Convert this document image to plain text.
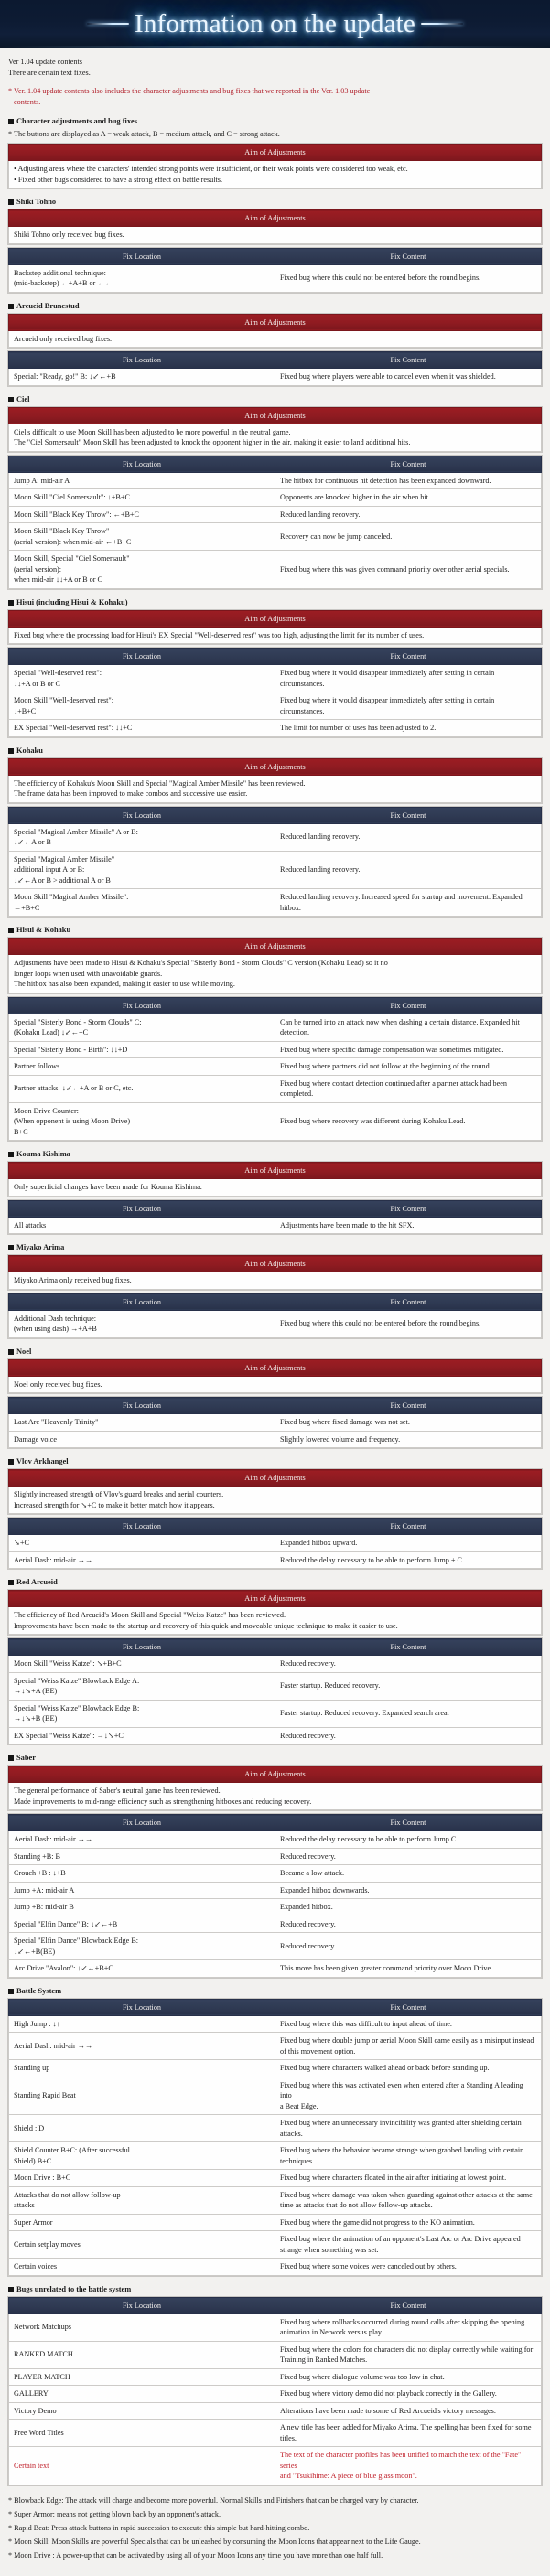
Information on the update
Ver 1.04 update contents
There are certain text fixes.
* Ver. 1.04 update contents also includes the character adjustments and bug fixes that we reported in the Ver. 1.03 update
contents.
Character adjustments and bug fixes
* The buttons are displayed as A = weak attack, B = medium attack, and C = strong attack.
Aim of Adjustments

• Adjusting areas where the characters' intended strong points were insufficient, or their weak points were considered too weak, etc.
• Fixed other bugs considered to have a strong effect on battle results.
Shiki Tohno
Aim of Adjustments
Shiki Tohno only received bug fixes.
Fix Location	Fix Content

Backstep additional technique:
(mid-backstep) ←+A+B or ←←	Fixed bug where this could not be entered before the round begins.
Arcueid Brunestud
Aim of Adjustments
Arcueid only received bug fixes.
Fix Location	Fix Content

Special: "Ready, go!" B: ↓↙←+B	Fixed bug where players were able to cancel even when it was shielded.
Ciel
Aim of Adjustments

Ciel's difficult to use Moon Skill has been adjusted to be more powerful in the neutral game.
The "Ciel Somersault" Moon Skill has been adjusted to knock the opponent higher in the air, making it easier to land additional hits.
Fix Location	Fix Content

Jump A: mid-air A	The hitbox for continuous hit detection has been expanded downward.

Moon Skill "Ciel Somersault": ↓+B+C	Opponents are knocked higher in the air when hit.

Moon Skill "Black Key Throw": ←+B+C	Reduced landing recovery.

Moon Skill "Black Key Throw"
(aerial version): when mid-air ←+B+C	Recovery can now be jump canceled.

Moon Skill, Special "Ciel Somersault"
(aerial version):
when mid-air ↓↓+A or B or C	Fixed bug where this was given command priority over other aerial specials.
Hisui (including Hisui & Kohaku)
Aim of Adjustments
Fixed bug where the processing load for Hisui's EX Special "Well-deserved rest" was too high, adjusting the limit for its number of uses.
Fix Location	Fix Content

Special "Well-deserved rest":
↓↓+A or B or C	Fixed bug where it would disappear immediately after setting in certain
circumstances.

Moon Skill "Well-deserved rest":
↓+B+C	Fixed bug where it would disappear immediately after setting in certain
circumstances.

EX Special "Well-deserved rest": ↓↓+C	The limit for number of uses has been adjusted to 2.
Kohaku
Aim of Adjustments

The efficiency of Kohaku's Moon Skill and Special "Magical Amber Missile" has been reviewed.
The frame data has been improved to make combos and successive use easier.
Fix Location	Fix Content

Special "Magical Amber Missile" A or B:
↓↙←A or B	Reduced landing recovery.

Special "Magical Amber Missile"
additional input A or B:
↓↙←A or B > additional A or B	Reduced landing recovery.

Moon Skill "Magical Amber Missile":
←+B+C	Reduced landing recovery. Increased speed for startup and movement. Expanded
hitbox.
Hisui & Kohaku
Aim of Adjustments

Adjustments have been made to Hisui & Kohaku's Special "Sisterly Bond - Storm Clouds" C version (Kohaku Lead) so it no
longer loops when used with unavoidable guards.
The hitbox has also been expanded, making it easier to use while moving.
Fix Location	Fix Content

Special "Sisterly Bond - Storm Clouds" C:
(Kohaku Lead) ↓↙←+C	Can be turned into an attack now when dashing a certain distance. Expanded hit
detection.

Special "Sisterly Bond - Birth": ↓↓+D	Fixed bug where specific damage compensation was sometimes mitigated.

Partner follows	Fixed bug where partners did not follow at the beginning of the round.

Partner attacks: ↓↙←+A or B or C, etc.	Fixed bug where contact detection continued after a partner attack had been completed.

Moon Drive Counter:
(When opponent is using Moon Drive)
B+C	Fixed bug where recovery was different during Kohaku Lead.
Kouma Kishima
Aim of Adjustments
Only superficial changes have been made for Kouma Kishima.
Fix Location	Fix Content

All attacks	Adjustments have been made to the hit SFX.
Miyako Arima
Aim of Adjustments
Miyako Arima only received bug fixes.
Fix Location	Fix Content

Additional Dash technique:
(when using dash) →+A+B	Fixed bug where this could not be entered before the round begins.
Noel
Aim of Adjustments
Noel only received bug fixes.
Fix Location	Fix Content

Last Arc "Heavenly Trinity"	Fixed bug where fixed damage was not set.

Damage voice	Slightly lowered volume and frequency.
Vlov Arkhangel
Aim of Adjustments

Slightly increased strength of Vlov's guard breaks and aerial counters.
Increased strength for ↘+C to make it better match how it appears.
Fix Location	Fix Content

↘+C	Expanded hitbox upward.

Aerial Dash: mid-air →→	Reduced the delay necessary to be able to perform Jump + C.
Red Arcueid
Aim of Adjustments

The efficiency of Red Arcueid's Moon Skill and Special "Weiss Katze" has been reviewed.
Improvements have been made to the startup and recovery of this quick and moveable unique technique to make it easier to use.
Fix Location	Fix Content

Moon Skill "Weiss Katze": ↘+B+C	Reduced recovery.

Special "Weiss Katze" Blowback Edge A:
→↓↘+A (BE)	Faster startup. Reduced recovery.

Special "Weiss Katze" Blowback Edge B:
→↓↘+B (BE)	Faster startup. Reduced recovery. Expanded search area.

EX Special "Weiss Katze": →↓↘+C	Reduced recovery.
Saber
Aim of Adjustments

The general performance of Saber's neutral game has been reviewed.
Made improvements to mid-range efficiency such as strengthening hitboxes and reducing recovery.
Fix Location	Fix Content

Aerial Dash: mid-air →→	Reduced the delay necessary to be able to perform Jump C.

Standing +B: B	Reduced recovery.

Crouch +B : ↓+B	Became a low attack.

Jump +A: mid-air A	Expanded hitbox downwards.

Jump +B: mid-air B	Expanded hitbox.

Special "Elfin Dance" B: ↓↙←+B	Reduced recovery.

Special "Elfin Dance" Blowback Edge B:
↓↙←+B(BE)	Reduced recovery.

Arc Drive "Avalon": ↓↙←+B+C	This move has been given greater command priority over Moon Drive.
Battle System
Fix Location	Fix Content

High Jump : ↓↑	Fixed bug where this was difficult to input ahead of time.

Aerial Dash: mid-air →→	Fixed bug where double jump or aerial Moon Skill came easily as a misinput instead
of this movement option.

Standing up	Fixed bug where characters walked ahead or back before standing up.

Standing Rapid Beat	Fixed bug where this was activated even when entered after a Standing A leading into
a Beat Edge.

Shield : D	Fixed bug where an unnecessary invincibility was granted after shielding certain attacks.

Shield Counter B+C: (After successful
Shield) B+C	Fixed bug where the behavior became strange when grabbed landing with certain
techniques.

Moon Drive : B+C	Fixed bug where characters floated in the air after initiating at lowest point.

Attacks that do not allow follow-up
attacks	Fixed bug where damage was taken when guarding against other attacks at the same
time as attacks that do not allow follow-up attacks.

Super Armor	Fixed bug where the game did not progress to the KO animation.

Certain setplay moves	Fixed bug where the animation of an opponent's Last Arc or Arc Drive appeared
strange when something was set.

Certain voices	Fixed bug where some voices were canceled out by others.
Bugs unrelated to the battle system
Fix Location	Fix Content

Network Matchups	Fixed bug where rollbacks occurred during round calls after skipping the opening
animation in Network versus play.

RANKED MATCH	Fixed bug where the colors for characters did not display correctly while waiting for
Training in Ranked Matches.

PLAYER MATCH	Fixed bug where dialogue volume was too low in chat.

GALLERY	Fixed bug where victory demo did not playback correctly in the Gallery.

Victory Demo	Alterations have been made to some of Red Arcueid's victory messages.

Free Word Titles	A new title has been added for Miyako Arima. The spelling has been fixed for some titles.

Certain text	The text of the character profiles has been unified to match the text of the "Fate" series
and "Tsukihime: A piece of blue glass moon".
* Blowback Edge: The attack will charge and become more powerful. Normal Skills and Finishers that can be charged vary by character.
* Super Armor: means not getting blown back by an opponent's attack.
* Rapid Beat: Press attack buttons in rapid succession to execute this simple but hard-hitting combo.
* Moon Skill: Moon Skills are powerful Specials that can be unleashed by consuming the Moon Icons that appear next to the Life Gauge.
* Moon Drive : A power-up that can be activated by using all of your Moon Icons any time you have more than one half full.
